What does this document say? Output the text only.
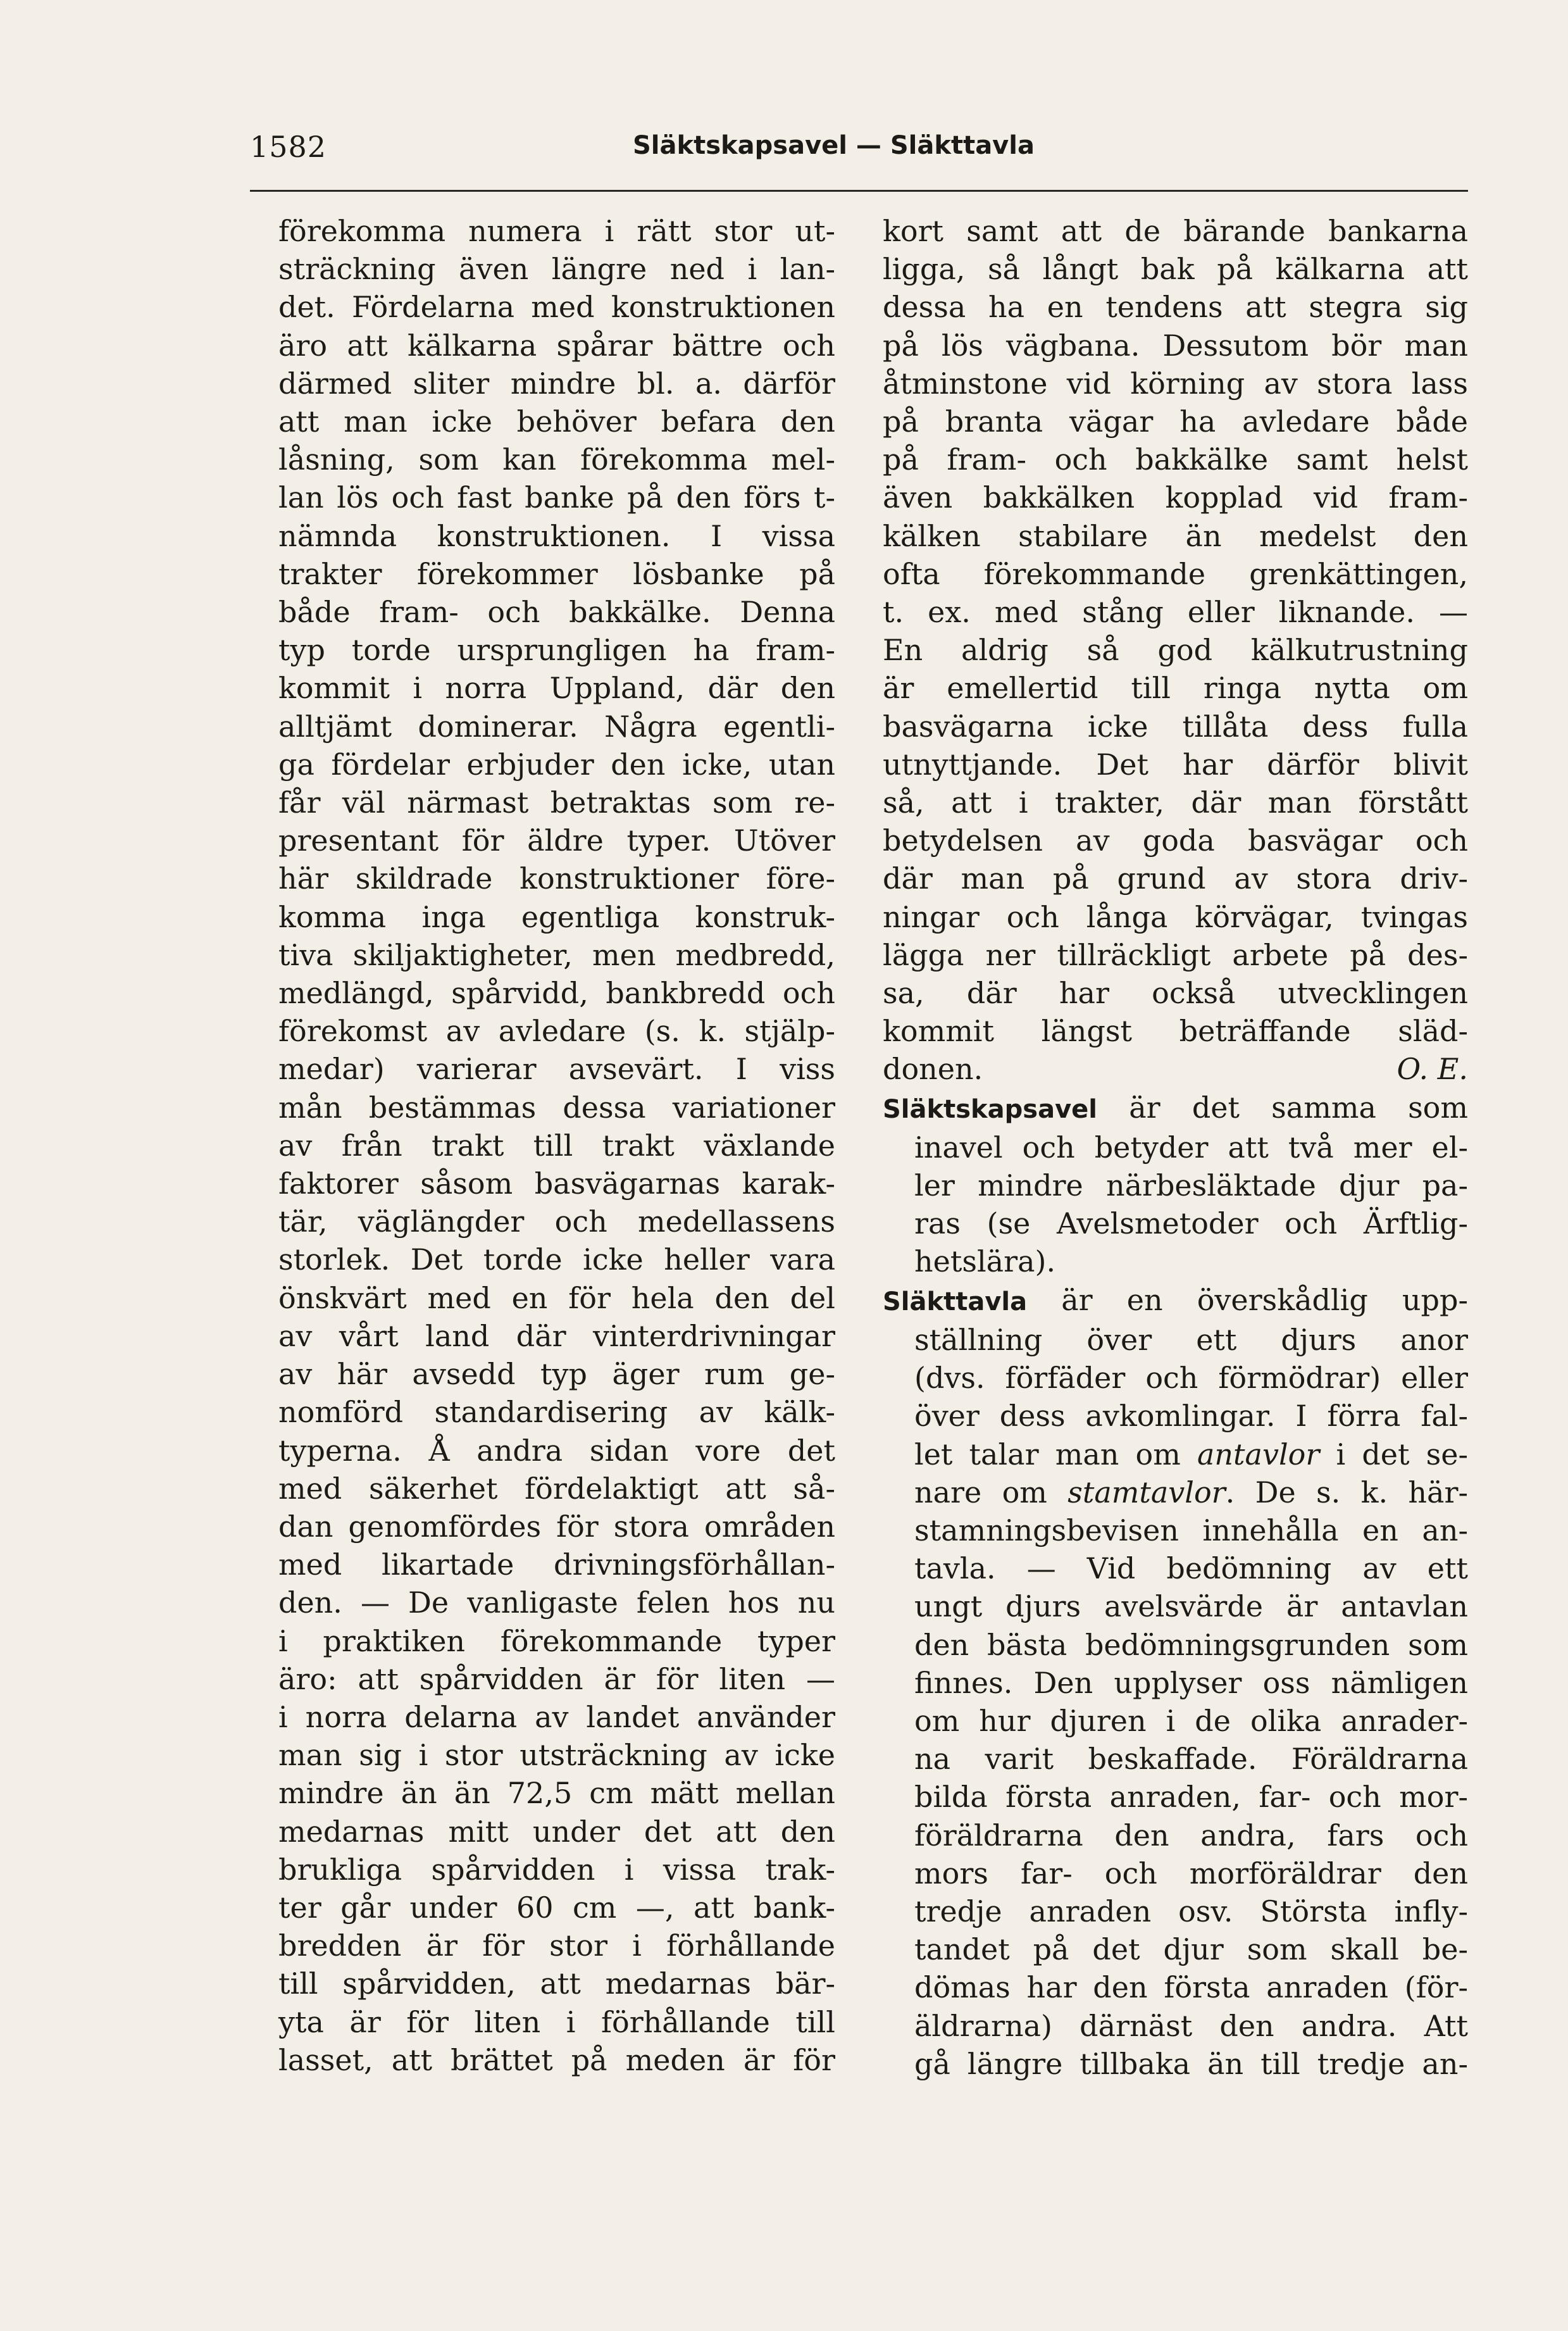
1582	Släktskapsavel — Släkttavla
förekomma numera i rätt stor ut-
sträckning även längre ned i lan-
det. Fördelarna med konstruktionen
äro att kälkarna spårar bättre och
därmed sliter mindre bl. a. därför
att man icke behöver befara den
låsning, som kan förekomma mel-
lan lös och fast banke på den förs t-
nämnda konstruktionen. I vissa
trakter förekommer lösbanke på
både fram- och bakkälke. Denna
typ torde ursprungligen ha fram-
kommit i norra Uppland, där den
alltjämt dominerar. Några egentli-
ga fördelar erbjuder den icke, utan
får väl närmast betraktas som re-
presentant för äldre typer. Utöver
här skildrade konstruktioner före-
komma inga egentliga konstruk-
tiva skiljaktigheter, men medbredd,
medlängd, spårvidd, bankbredd och
förekomst av avledare (s. k. stjälp-
medar) varierar avsevärt. I viss
mån bestämmas dessa variationer
av från trakt till trakt växlande
faktorer såsom basvägarnas karak-
tär, väglängder och medellassens
storlek. Det torde icke heller vara
önskvärt med en för hela den del
av vårt land där vinterdrivningar
av här avsedd typ äger rum ge-
nomförd standardisering av kälk-
typerna. Å andra sidan vore det
med säkerhet fördelaktigt att så-
dan genomfördes för stora områden
med likartade drivningsförhållan-
den. — De vanligaste felen hos nu
i praktiken förekommande typer
äro: att spårvidden är för liten —
i norra delarna av landet använder
man sig i stor utsträckning av icke
mindre än än 72,5 cm mätt mellan
medarnas mitt under det att den
brukliga spårvidden i vissa trak-
ter går under 60 cm —, att bank-
bredden är för stor i förhållande
till spårvidden, att medarnas bär-
yta är för liten i förhållande till
lasset, att brättet på meden är för
kort samt att de bärande bankarna
ligga, så långt bak på kälkarna att
dessa ha en tendens att stegra sig
på lös vägbana. Dessutom bör man
åtminstone vid körning av stora lass
på branta vägar ha avledare både
på fram- och bakkälke samt helst
även bakkälken kopplad vid fram-
kälken stabilare än medelst den
ofta förekommande grenkättingen,
t. ex. med stång eller liknande. —
En aldrig så god kälkutrustning
är emellertid till ringa nytta om
basvägarna icke tillåta dess fulla
utnyttjande. Det har därför blivit
så, att i trakter, där man förstått
betydelsen av goda basvägar och
där man på grund av stora driv-
ningar och långa körvägar, tvingas
lägga ner tillräckligt arbete på des-
sa, där har också utvecklingen
kommit längst beträffande släd-
donen.	O. E.
Släktskapsavel är det samma som
inavel och betyder att två mer el-
ler mindre närbesläktade djur pa-
ras (se Avelsmetoder och Ärftlig-
hetslära).
Släkttavla är en överskådlig upp-
ställning över ett djurs anor
(dvs. förfäder och förmödrar) eller
över dess avkomlingar. I förra fal-
let talar man om antavlor i det se-
nare om stamtavlor. De s. k. här-
stamningsbevisen innehålla en an-
tavla. — Vid bedömning av ett
ungt djurs avelsvärde är antavlan
den bästa bedömningsgrunden som
finnes. Den upplyser oss nämligen
om hur djuren i de olika anrader-
na varit beskaffade. Föräldrarna
bilda första anraden, far- och mor-
föräldrarna den andra, fars och
mors far- och morföräldrar den
tredje anraden osv. Största infly-
tandet på det djur som skall be-
dömas har den första anraden (för-
äldrarna) därnäst den andra. Att
gå längre tillbaka än till tredje an-
